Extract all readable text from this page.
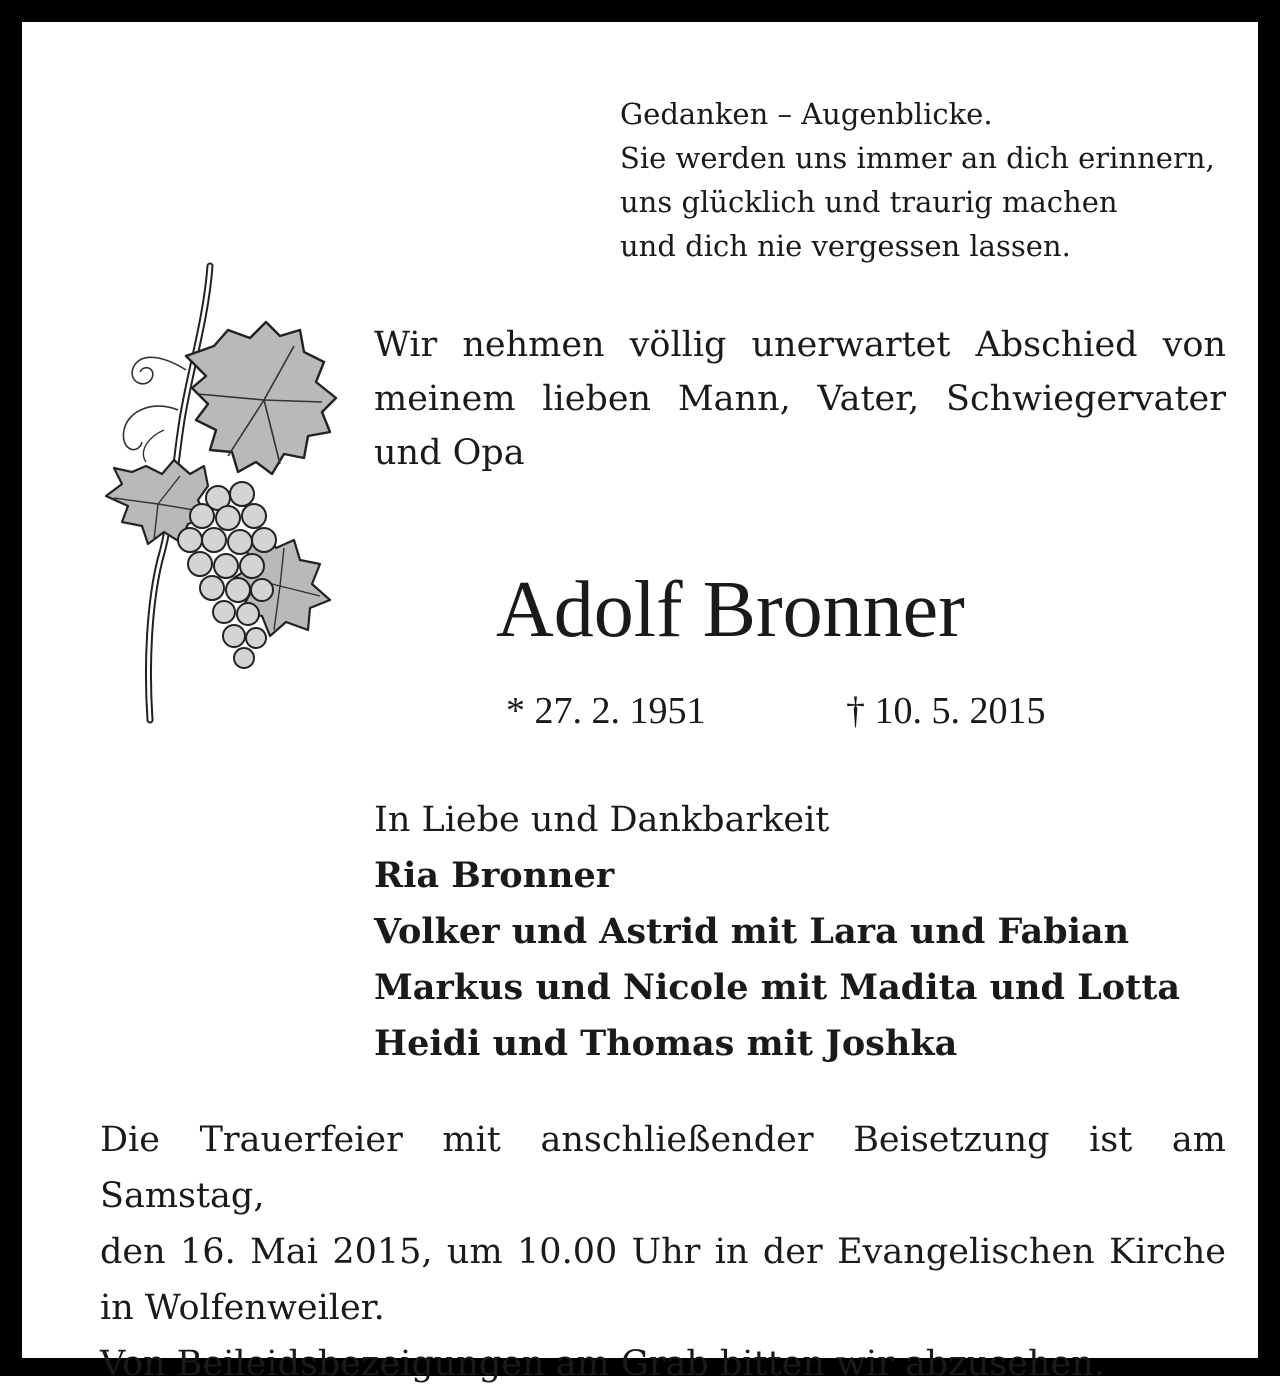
Gedanken – Augenblicke.
Sie werden uns immer an dich erinnern,
uns glücklich und traurig machen
und dich nie vergessen lassen.
Wir nehmen völlig unerwartet Abschied von
meinem lieben Mann, Vater, Schwiegervater
und Opa
Adolf Bronner
* 27. 2. 1951	† 10. 5. 2015
In Liebe und Dankbarkeit
Ria Bronner
Volker und Astrid mit Lara und Fabian
Markus und Nicole mit Madita und Lotta
Heidi und Thomas mit Joshka
Die Trauerfeier mit anschließender Beisetzung ist am Samstag,
den 16. Mai 2015, um 10.00 Uhr in der Evangelischen Kirche
in Wolfenweiler.
Von Beileidsbezeigungen am Grab bitten wir abzusehen.
